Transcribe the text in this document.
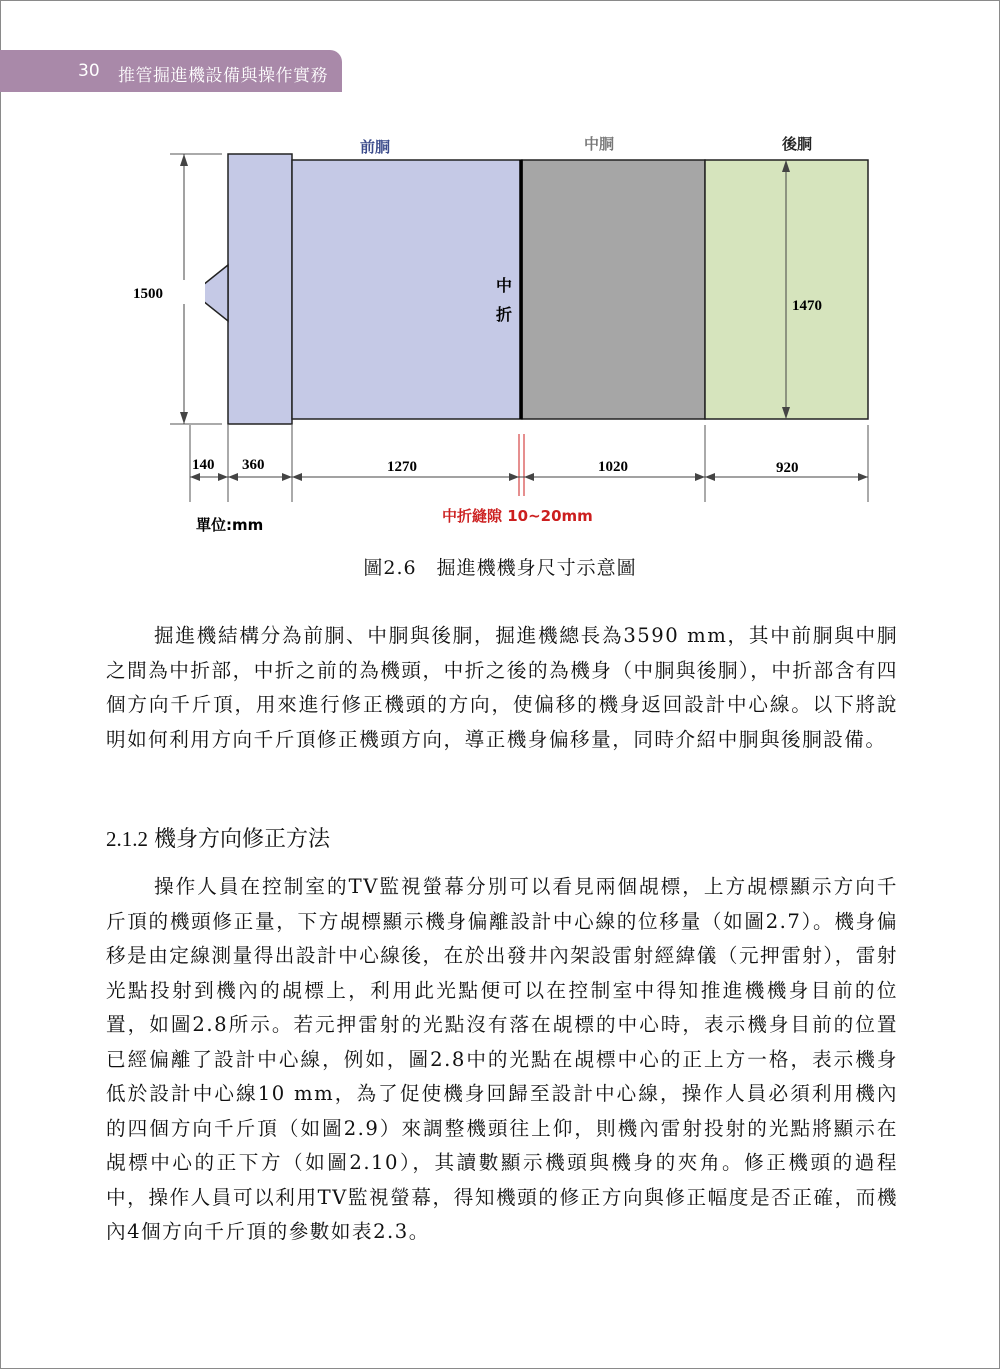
30 推管掘進機設備與操作實務
1500
1470
前胴	中胴	後胴
中
折
140 360	1270	1020	920
中折縫隙 10~20mm
單位:mm
圖2.6　掘進機機身尺寸示意圖

掘進機結構分為前胴、中胴與後胴，掘進機總長為3590 mm，其中前胴與中胴之間為中折部，中折之前的為機頭，中折之後的為機身（中胴與後胴），中折部含有四個方向千斤頂，用來進行修正機頭的方向，使偏移的機身返回設計中心線。以下將說明如何利用方向千斤頂修正機頭方向，導正機身偏移量，同時介紹中胴與後胴設備。

2.1.2 機身方向修正方法

操作人員在控制室的TV監視螢幕分別可以看見兩個覘標，上方覘標顯示方向千斤頂的機頭修正量，下方覘標顯示機身偏離設計中心線的位移量（如圖2.7）。機身偏移是由定線測量得出設計中心線後，在於出發井內架設雷射經緯儀（元押雷射），雷射光點投射到機內的覘標上，利用此光點便可以在控制室中得知推進機機身目前的位置，如圖2.8所示。若元押雷射的光點沒有落在覘標的中心時，表示機身目前的位置已經偏離了設計中心線，例如，圖2.8中的光點在覘標中心的正上方一格，表示機身低於設計中心線10 mm，為了促使機身回歸至設計中心線，操作人員必須利用機內的四個方向千斤頂（如圖2.9）來調整機頭往上仰，則機內雷射投射的光點將顯示在覘標中心的正下方（如圖2.10），其讀數顯示機頭與機身的夾角。修正機頭的過程中，操作人員可以利用TV監視螢幕，得知機頭的修正方向與修正幅度是否正確，而機內4個方向千斤頂的參數如表2.3。
